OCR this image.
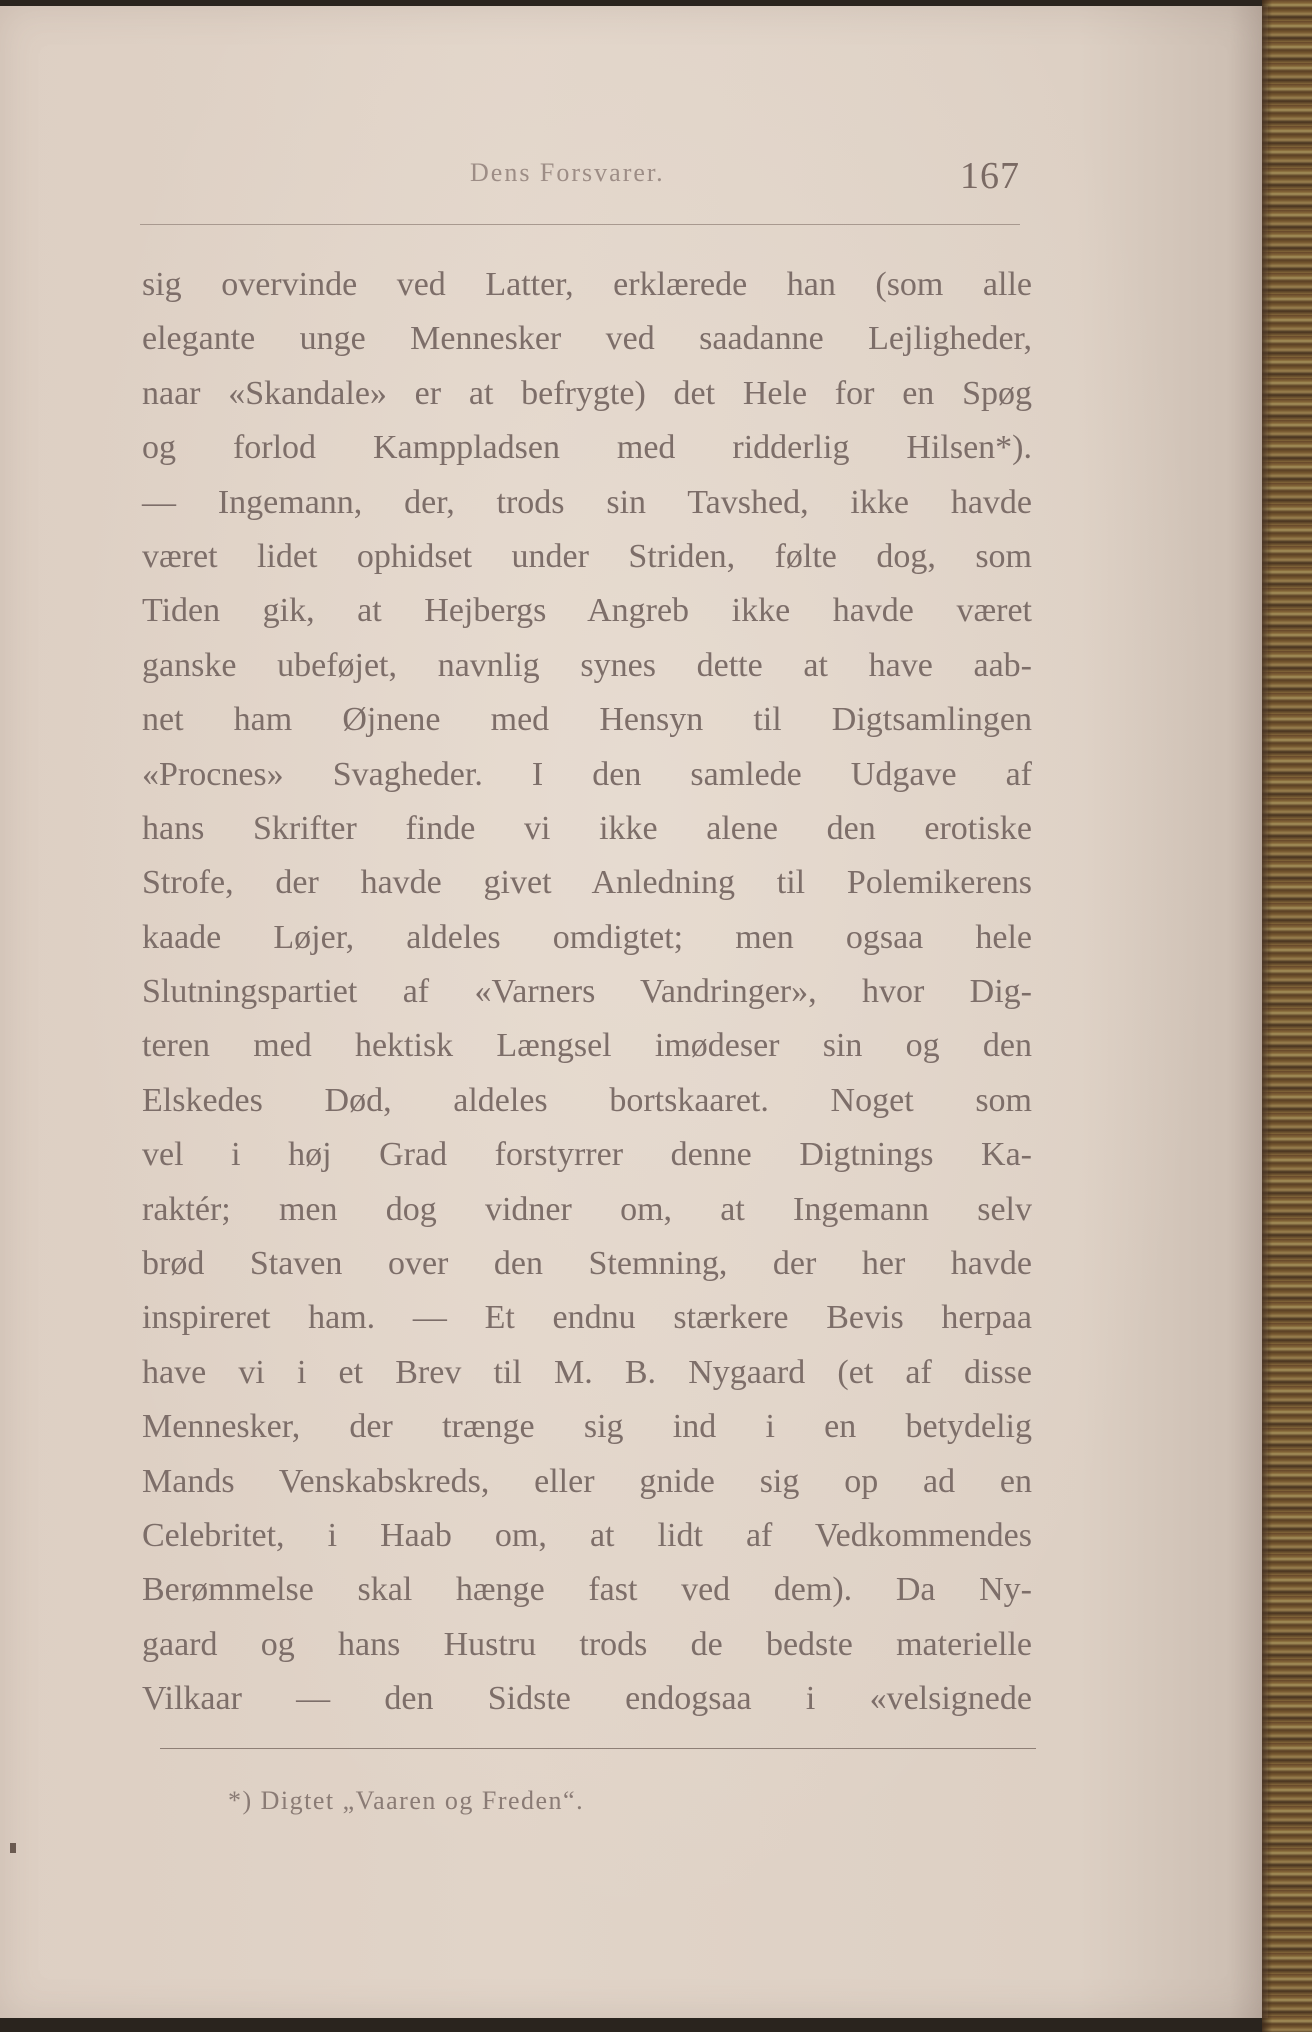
Dens Forsvarer.	167
sig overvinde ved Latter, erklærede han (som alle
elegante unge Mennesker ved saadanne Lejligheder,
naar «Skandale» er at befrygte) det Hele for en Spøg
og forlod Kamppladsen med ridderlig Hilsen*).
— Ingemann, der, trods sin Tavshed, ikke havde
været lidet ophidset under Striden, følte dog, som
Tiden gik, at Hejbergs Angreb ikke havde været
ganske ubeføjet, navnlig synes dette at have aab-
net ham Øjnene med Hensyn til Digtsamlingen
«Procnes» Svagheder. I den samlede Udgave af
hans Skrifter finde vi ikke alene den erotiske
Strofe, der havde givet Anledning til Polemikerens
kaade Løjer, aldeles omdigtet; men ogsaa hele
Slutningspartiet af «Varners Vandringer», hvor Dig-
teren med hektisk Længsel imødeser sin og den
Elskedes Død, aldeles bortskaaret. Noget som
vel i høj Grad forstyrrer denne Digtnings Ka-
raktér; men dog vidner om, at Ingemann selv
brød Staven over den Stemning, der her havde
inspireret ham. — Et endnu stærkere Bevis herpaa
have vi i et Brev til M. B. Nygaard (et af disse
Mennesker, der trænge sig ind i en betydelig
Mands Venskabskreds, eller gnide sig op ad en
Celebritet, i Haab om, at lidt af Vedkommendes
Berømmelse skal hænge fast ved dem). Da Ny-
gaard og hans Hustru trods de bedste materielle
Vilkaar — den Sidste endogsaa i «velsignede
*) Digtet „Vaaren og Freden“.
